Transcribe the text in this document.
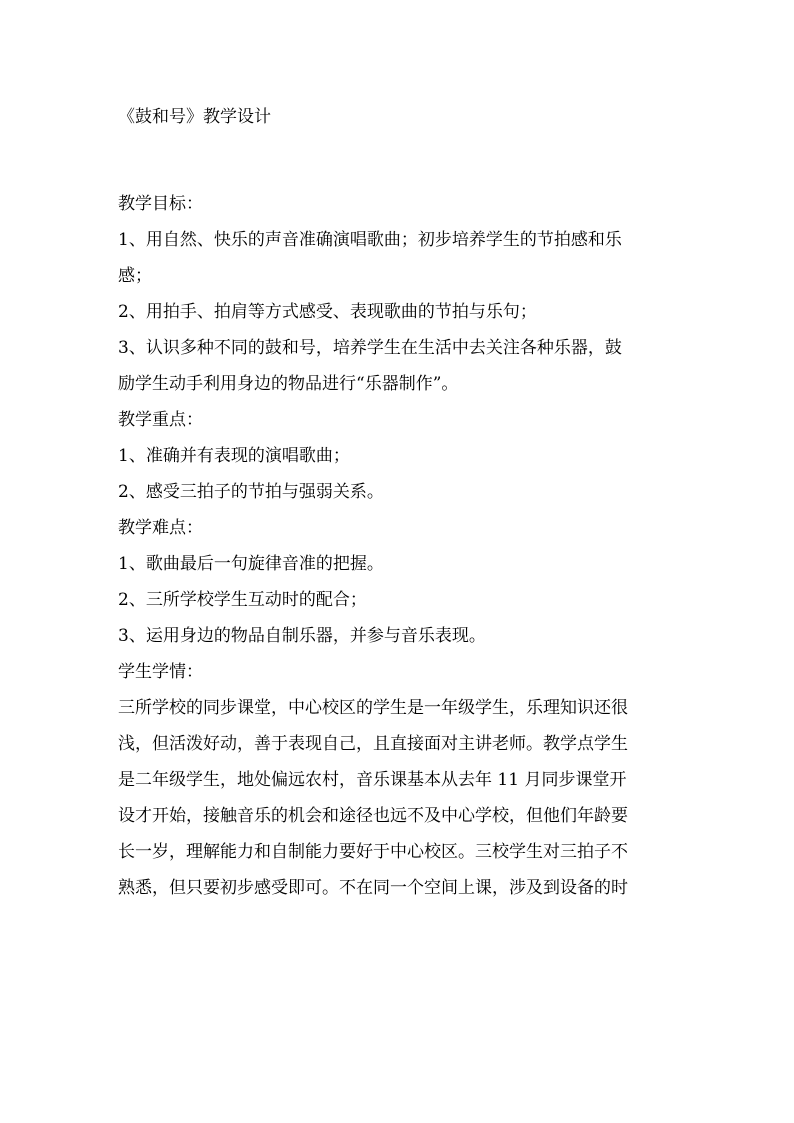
《鼓和号》教学设计
教学目标：
1、用自然、快乐的声音准确演唱歌曲；初步培养学生的节拍感和乐
感；
2、用拍手、拍肩等方式感受、表现歌曲的节拍与乐句；
3、认识多种不同的鼓和号，培养学生在生活中去关注各种乐器，鼓
励学生动手利用身边的物品进行“乐器制作”。
教学重点：
1、准确并有表现的演唱歌曲；
2、感受三拍子的节拍与强弱关系。
教学难点：
1、歌曲最后一句旋律音准的把握。
2、三所学校学生互动时的配合；
3、运用身边的物品自制乐器，并参与音乐表现。
学生学情：
三所学校的同步课堂，中心校区的学生是一年级学生，乐理知识还很
浅，但活泼好动，善于表现自己，且直接面对主讲老师。教学点学生
是二年级学生，地处偏远农村，音乐课基本从去年 11 月同步课堂开
设才开始，接触音乐的机会和途径也远不及中心学校，但他们年龄要
长一岁，理解能力和自制能力要好于中心校区。三校学生对三拍子不
熟悉，但只要初步感受即可。不在同一个空间上课，涉及到设备的时
